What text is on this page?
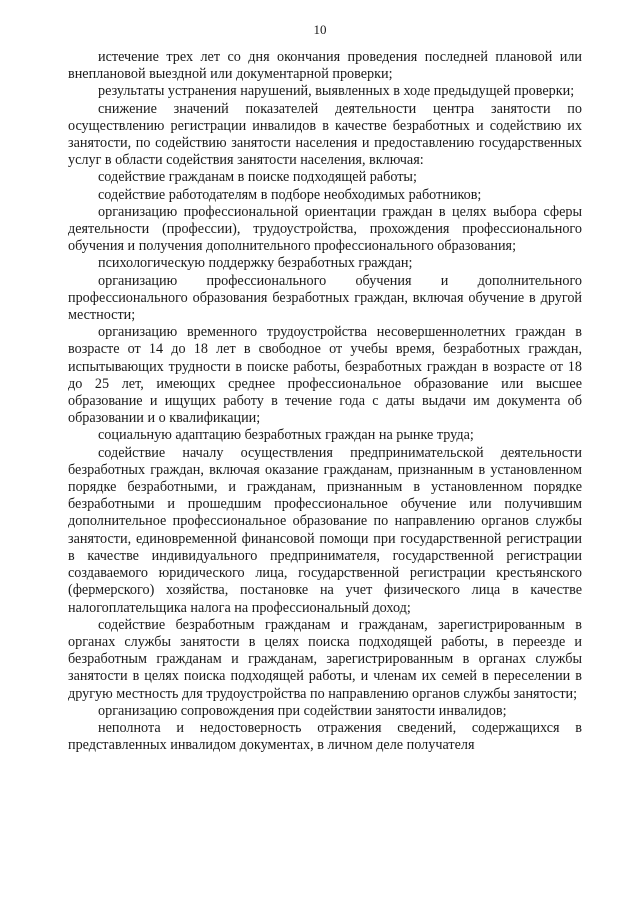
10

истечение трех лет со дня окончания проведения последней плановой или внеплановой выездной или документарной проверки;

результаты устранения нарушений, выявленных в ходе предыдущей проверки;

снижение значений показателей деятельности центра занятости по осуществлению регистрации инвалидов в качестве безработных и содействию их занятости, по содействию занятости населения и предоставлению государственных услуг в области содействия занятости населения, включая:

содействие гражданам в поиске подходящей работы;

содействие работодателям в подборе необходимых работников;

организацию профессиональной ориентации граждан в целях выбора сферы деятельности (профессии), трудоустройства, прохождения профессионального обучения и получения дополнительного профессионального образования;

психологическую поддержку безработных граждан;

организацию профессионального обучения и дополнительного профессионального образования безработных граждан, включая обучение в другой местности;

организацию временного трудоустройства несовершеннолетних граждан в возрасте от 14 до 18 лет в свободное от учебы время, безработных граждан, испытывающих трудности в поиске работы, безработных граждан в возрасте от 18 до 25 лет, имеющих среднее профессиональное образование или высшее образование и ищущих работу в течение года с даты выдачи им документа об образовании и о квалификации;

социальную адаптацию безработных граждан на рынке труда;

содействие началу осуществления предпринимательской деятельности безработных граждан, включая оказание гражданам, признанным в установленном порядке безработными, и гражданам, признанным в установленном порядке безработными и прошедшим профессиональное обучение или получившим дополнительное профессиональное образование по направлению органов службы занятости, единовременной финансовой помощи при государственной регистрации в качестве индивидуального предпринимателя, государственной регистрации создаваемого юридического лица, государственной регистрации крестьянского (фермерского) хозяйства, постановке на учет физического лица в качестве налогоплательщика налога на профессиональный доход;

содействие безработным гражданам и гражданам, зарегистрированным в органах службы занятости в целях поиска подходящей работы, в переезде и безработным гражданам и гражданам, зарегистрированным в органах службы занятости в целях поиска подходящей работы, и членам их семей в переселении в другую местность для трудоустройства по направлению органов службы занятости;

организацию сопровождения при содействии занятости инвалидов;

неполнота и недостоверность отражения сведений, содержащихся в представленных инвалидом документах, в личном деле получателя
